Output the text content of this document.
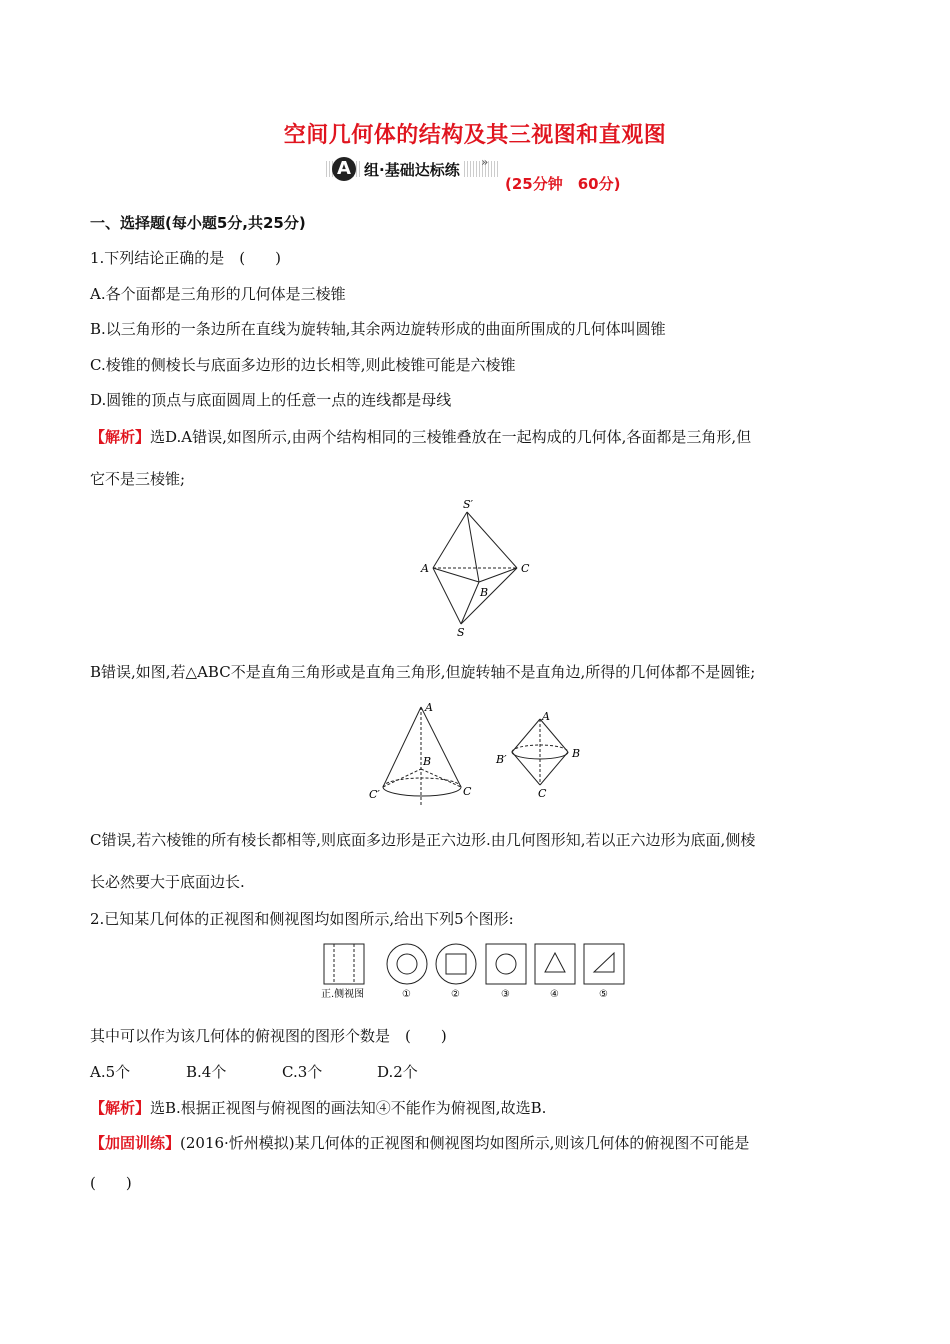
空间几何体的结构及其三视图和直观图
A 组·基础达标练 »
(25分钟　60分)
一、选择题(每小题5分,共25分)
1.下列结论正确的是　(　　)
A.各个面都是三角形的几何体是三棱锥
B.以三角形的一条边所在直线为旋转轴,其余两边旋转形成的曲面所围成的几何体叫圆锥
C.棱锥的侧棱长与底面多边形的边长相等,则此棱锥可能是六棱锥
D.圆锥的顶点与底面圆周上的任意一点的连线都是母线
【解析】选D.A错误,如图所示,由两个结构相同的三棱锥叠放在一起构成的几何体,各面都是三角形,但
它不是三棱锥;
S′
A	C
B
S
B错误,如图,若△ABC不是直角三角形或是直角三角形,但旋转轴不是直角边,所得的几何体都不是圆锥;
A
B
C
C′
A
B
B′
C
C错误,若六棱锥的所有棱长都相等,则底面多边形是正六边形.由几何图形知,若以正六边形为底面,侧棱
长必然要大于底面边长.
2.已知某几何体的正视图和侧视图均如图所示,给出下列5个图形:
正.侧视图	①	②	③	④	⑤
其中可以作为该几何体的俯视图的图形个数是　(　　)
A.5个	B.4个	C.3个	D.2个
【解析】选B.根据正视图与俯视图的画法知④不能作为俯视图,故选B.
【加固训练】(2016·忻州模拟)某几何体的正视图和侧视图均如图所示,则该几何体的俯视图不可能是
(　　)
